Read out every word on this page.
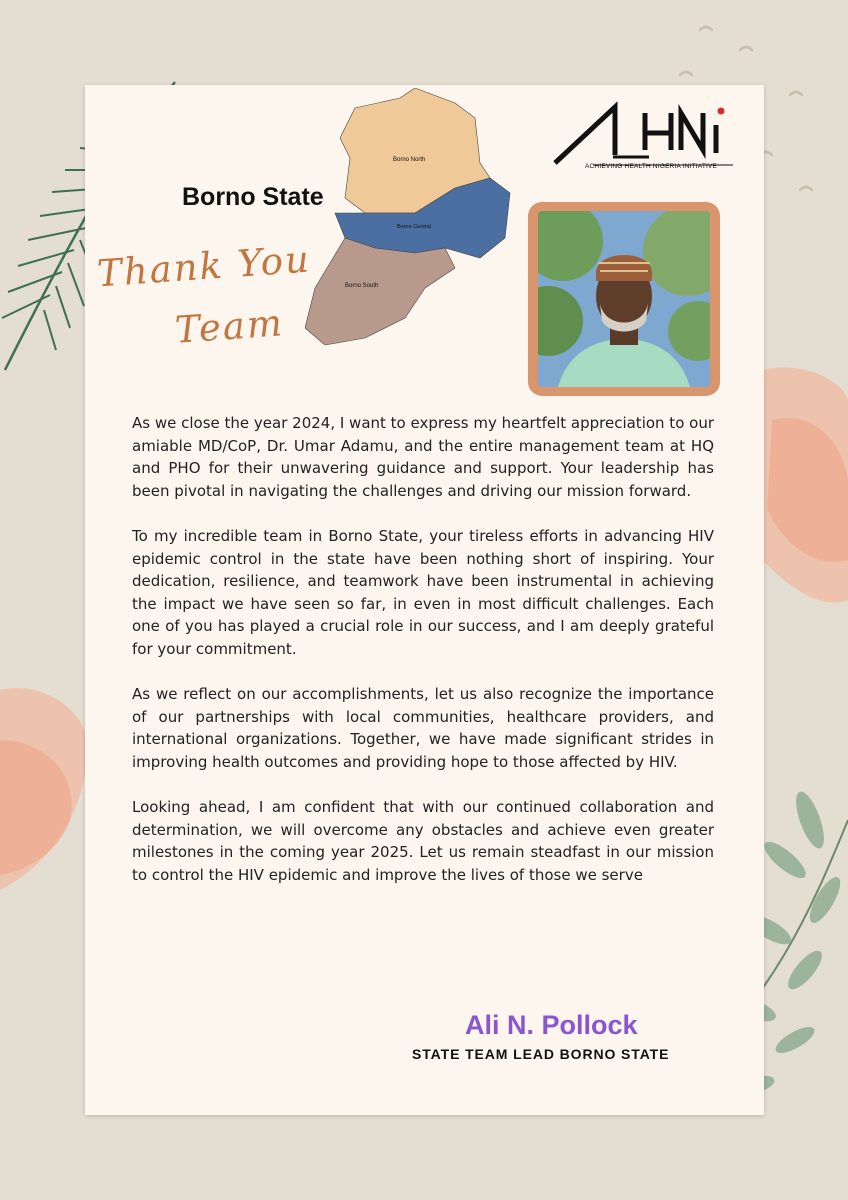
Borno North
Borno Central
Borno South
Borno State
Thank You
Team
ACHIEVING HEALTH NIGERIA INITIATIVE

As we close the year 2024, I want to express my heartfelt appreciation to our amiable MD/CoP, Dr. Umar Adamu, and the entire management team at HQ and PHO for their unwavering guidance and support. Your leadership has been pivotal in navigating the challenges and driving our mission forward.

To my incredible team in Borno State, your tireless efforts in advancing HIV epidemic control in the state have been nothing short of inspiring. Your dedication, resilience, and teamwork have been instrumental in achieving the impact we have seen so far, in even in most difficult challenges. Each one of you has played a crucial role in our success, and I am deeply grateful for your commitment.

As we reflect on our accomplishments, let us also recognize the importance of our partnerships with local communities, healthcare providers, and international organizations. Together, we have made significant strides in improving health outcomes and providing hope to those affected by HIV.

Looking ahead, I am confident that with our continued collaboration and determination, we will overcome any obstacles and achieve even greater milestones in the coming year 2025. Let us remain steadfast in our mission to control the HIV epidemic and improve the lives of those we serve

Ali N. Pollock
STATE TEAM LEAD BORNO STATE
